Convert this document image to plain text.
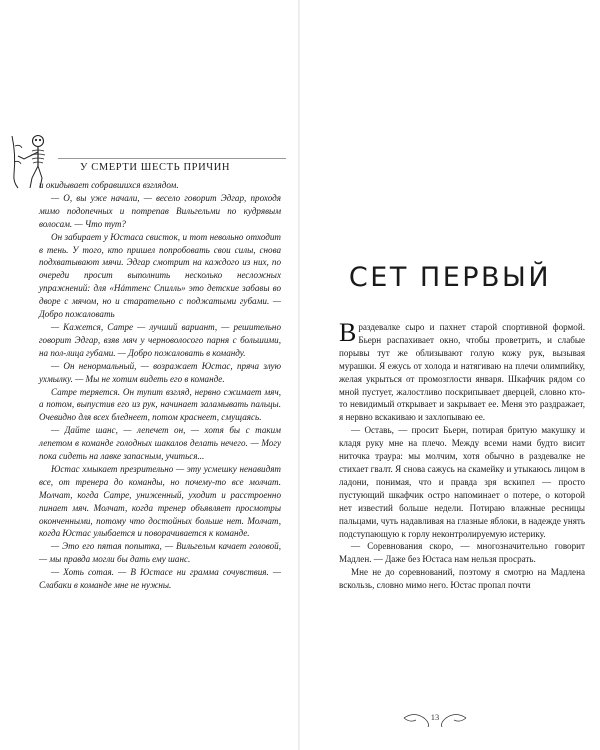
У СМЕРТИ ШЕСТЬ ПРИЧИН

и окидывает собравшихся взглядом.

— О, вы уже начали, — весело говорит Эдгар, проходя мимо подопечных и потрепав Вильгельми по кудрявым волосам. — Что тут?

Он забирает у Юстаса свисток, и тот невольно отходит в тень. У того, кто пришел попробовать свои силы, снова подхватывают мячи. Эдгар смотрит на каждого из них, по очереди просит выполнить несколько несложных упражнений: для «Нáттенс Спилль» это детские забавы во дворе с мячом, но и старательно с поджатыми губами. — Добро пожаловать

— Кажется, Сатре — лучший вариант, — решительно говорит Эдгар, взяв мяч у черноволосого парня с большими, на пол-лица губами. — Добро пожаловать в команду.

— Он ненормальный, — возражает Юстас, пряча злую ухмылку. — Мы не хотим видеть его в команде.

Сатре теряется. Он тупит взгляд, нервно сжимает мяч, а потом, выпустив его из рук, начинает заламывать пальцы. Очевидно для всех бледнеет, потом краснеет, смущаясь.

— Дайте шанс, — лепечет он, — хотя бы с таким лепетом в команде голодных шакалов делать нечего. — Могу пока сидеть на лавке запасным, учиться...

Юстас хмыкает презрительно — эту усмешку ненавидят все, от тренера до команды, но почему-то все молчат. Молчат, когда Сатре, униженный, уходит и расстроенно пинает мяч. Молчат, когда тренер объявляет просмотры оконченными, потому что достойных больше нет. Молчат, когда Юстас улыбается и поворачивается к команде.

— Это его пятая попытка, — Вильгельм качает головой, — мы правда могли бы дать ему шанс.

— Хоть сотая. — В Юстасе ни грамма сочувствия. — Слабаки в команде мне не нужны.

СЕТ ПЕРВЫЙ

Враздевалке сыро и пахнет старой спортивной формой. Бьерн распахивает окно, чтобы проветрить, и слабые порывы тут же облизывают голую кожу рук, вызывая мурашки. Я ежусь от холода и натягиваю на плечи олимпийку, желая укрыться от промозглости января. Шкафчик рядом со мной пустует, жалостливо поскрипывает дверцей, словно кто-то невидимый открывает и закрывает ее. Меня это раздражает, я нервно вскакиваю и захлопываю ее.

— Оставь, — просит Бьерн, потирая бритую макушку и кладя руку мне на плечо. Между всеми нами будто висит ниточка траура: мы молчим, хотя обычно в раздевалке не стихает гвалт. Я снова сажусь на скамейку и утыкаюсь лицом в ладони, понимая, что и правда зря вскипел — просто пустующий шкафчик остро напоминает о потере, о которой нет известий больше недели. Потираю влажные ресницы пальцами, чуть надавливая на глазные яблоки, в надежде унять подступающую к горлу неконтролируемую истерику.

— Соревнования скоро, — многозначительно говорит Мадлен. — Даже без Юстаса нам нельзя просрать.

Мне не до соревнований, поэтому я смотрю на Мадлена вскользь, словно мимо него. Юстас пропал почти

13
